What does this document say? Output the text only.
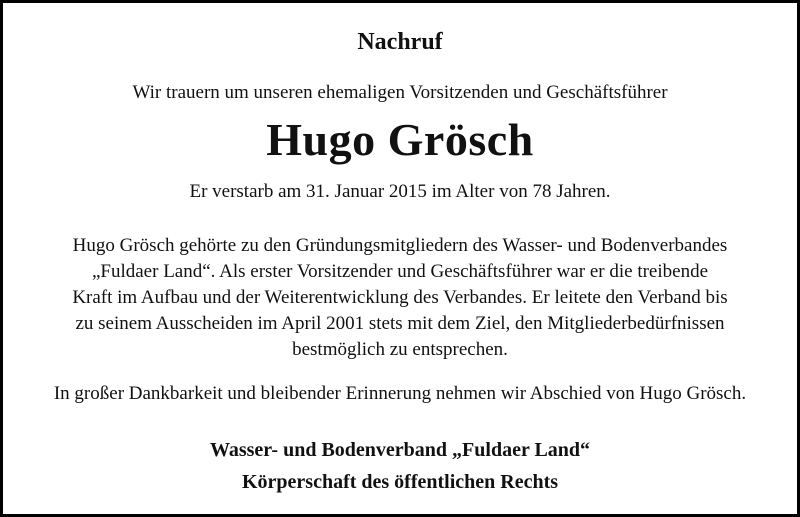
Nachruf
Wir trauern um unseren ehemaligen Vorsitzenden und Geschäftsführer
Hugo Grösch
Er verstarb am 31. Januar 2015 im Alter von 78 Jahren.
Hugo Grösch gehörte zu den Gründungsmitgliedern des Wasser- und Bodenverbandes
„Fuldaer Land“. Als erster Vorsitzender und Geschäftsführer war er die treibende
Kraft im Aufbau und der Weiterentwicklung des Verbandes. Er leitete den Verband bis
zu seinem Ausscheiden im April 2001 stets mit dem Ziel, den Mitgliederbedürfnissen
bestmöglich zu entsprechen.
In großer Dankbarkeit und bleibender Erinnerung nehmen wir Abschied von Hugo Grösch.
Wasser- und Bodenverband „Fuldaer Land“
Körperschaft des öffentlichen Rechts
